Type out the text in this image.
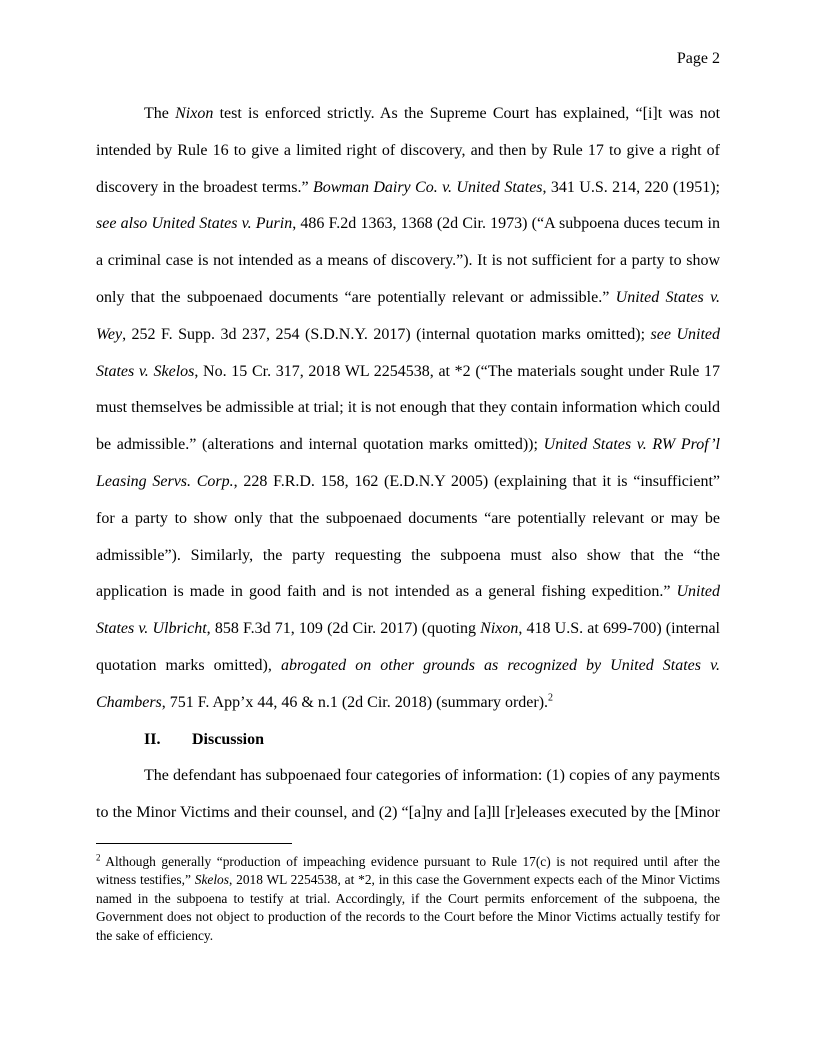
Page 2

The Nixon test is enforced strictly. As the Supreme Court has explained, “[i]t was not intended by Rule 16 to give a limited right of discovery, and then by Rule 17 to give a right of discovery in the broadest terms.” Bowman Dairy Co. v. United States, 341 U.S. 214, 220 (1951); see also United States v. Purin, 486 F.2d 1363, 1368 (2d Cir. 1973) (“A subpoena duces tecum in a criminal case is not intended as a means of discovery.”). It is not sufficient for a party to show only that the subpoenaed documents “are potentially relevant or admissible.” United States v. Wey, 252 F. Supp. 3d 237, 254 (S.D.N.Y. 2017) (internal quotation marks omitted); see United States v. Skelos, No. 15 Cr. 317, 2018 WL 2254538, at *2 (“The materials sought under Rule 17 must themselves be admissible at trial; it is not enough that they contain information which could be admissible.” (alterations and internal quotation marks omitted)); United States v. RW Prof’l Leasing Servs. Corp., 228 F.R.D. 158, 162 (E.D.N.Y 2005) (explaining that it is “insufficient” for a party to show only that the subpoenaed documents “are potentially relevant or may be admissible”). Similarly, the party requesting the subpoena must also show that the “the application is made in good faith and is not intended as a general fishing expedition.” United States v. Ulbricht, 858 F.3d 71, 109 (2d Cir. 2017) (quoting Nixon, 418 U.S. at 699-700) (internal quotation marks omitted), abrogated on other grounds as recognized by United States v. Chambers, 751 F. App’x 44, 46 & n.1 (2d Cir. 2018) (summary order).$^2$

II. Discussion

The defendant has subpoenaed four categories of information: (1) copies of any payments to the Minor Victims and their counsel, and (2) “[a]ny and [a]ll [r]eleases executed by the [Minor

$^2$ Although generally “production of impeaching evidence pursuant to Rule 17(c) is not required until after the witness testifies,” Skelos, 2018 WL 2254538, at *2, in this case the Government expects each of the Minor Victims named in the subpoena to testify at trial. Accordingly, if the Court permits enforcement of the subpoena, the Government does not object to production of the records to the Court before the Minor Victims actually testify for the sake of efficiency.
